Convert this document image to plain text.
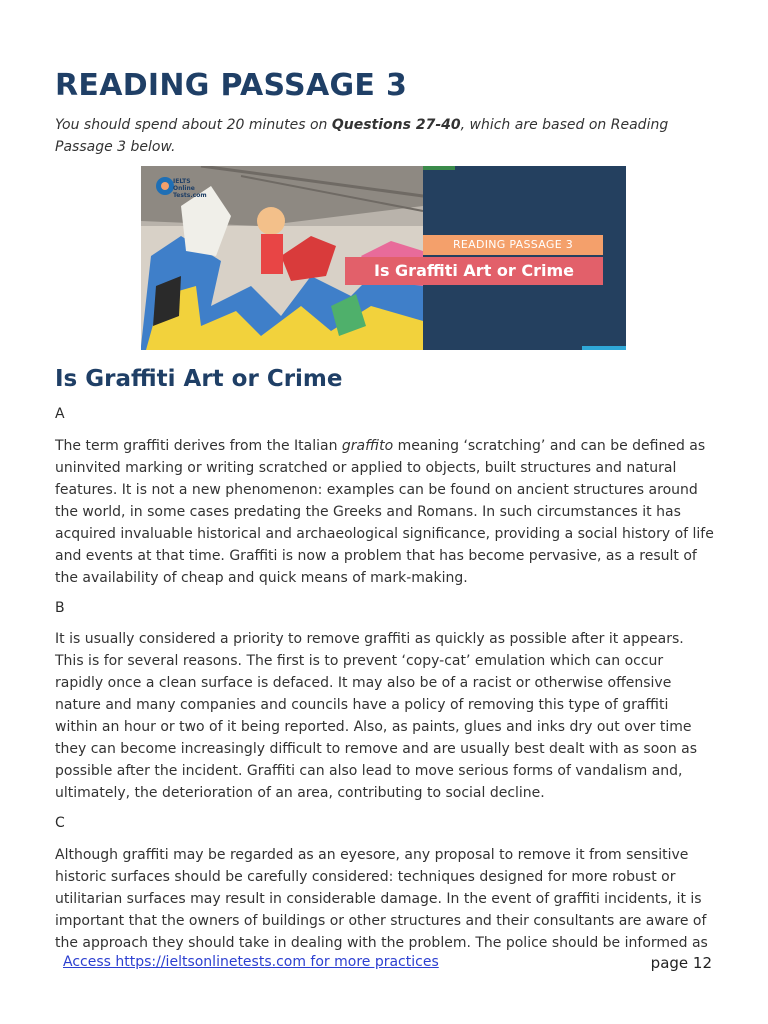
READING PASSAGE 3
You should spend about 20 minutes on Questions 27-40, which are based on Reading Passage 3 below.
IELTS
Online
Tests.com
READING PASSAGE 3
Is Graffiti Art or Crime
Is Graffiti Art or Crime
A

The term graffiti derives from the Italian graffito meaning ‘scratching’ and can be defined as uninvited marking or writing scratched or applied to objects, built structures and natural features. It is not a new phenomenon: examples can be found on ancient structures around the world, in some cases predating the Greeks and Romans. In such circumstances it has acquired invaluable historical and archaeological significance, providing a social history of life and events at that time. Graffiti is now a problem that has become pervasive, as a result of the availability of cheap and quick means of mark-making.

B

It is usually considered a priority to remove graffiti as quickly as possible after it appears. This is for several reasons. The first is to prevent ‘copy-cat’ emulation which can occur rapidly once a clean surface is defaced. It may also be of a racist or otherwise offensive nature and many companies and councils have a policy of removing this type of graffiti within an hour or two of it being reported. Also, as paints, glues and inks dry out over time they can become increasingly difficult to remove and are usually best dealt with as soon as possible after the incident. Graffiti can also lead to move serious forms of vandalism and, ultimately, the deterioration of an area, contributing to social decline.

C

Although graffiti may be regarded as an eyesore, any proposal to remove it from sensitive historic surfaces should be carefully considered: techniques designed for more robust or utilitarian surfaces may result in considerable damage. In the event of graffiti incidents, it is important that the owners of buildings or other structures and their consultants are aware of the approach they should take in dealing with the problem. The police should be informed as

Access https://ieltsonlinetests.com for more practices	page 12
